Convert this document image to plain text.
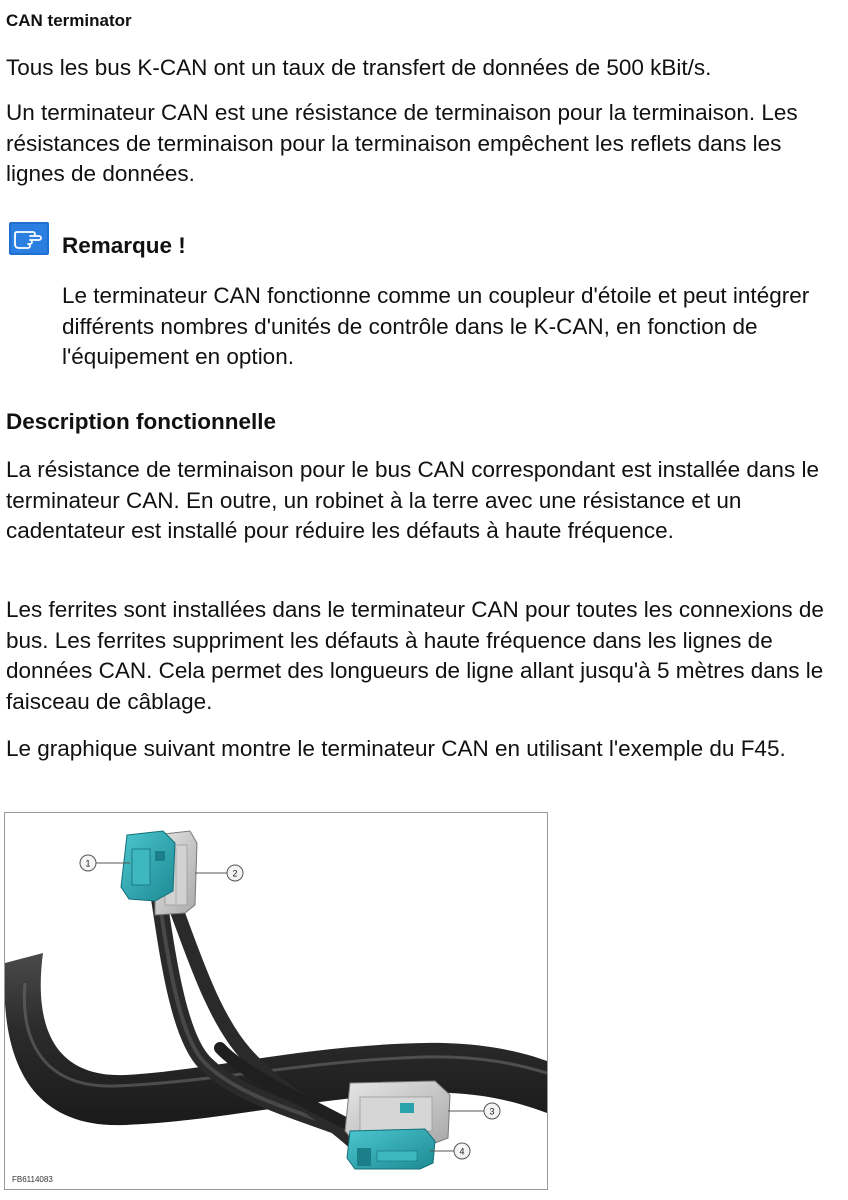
CAN terminator

Tous les bus K-CAN ont un taux de transfert de données de 500 kBit/s.

Un terminateur CAN est une résistance de terminaison pour la terminaison. Les résistances de terminaison pour la terminaison empêchent les reflets dans les lignes de données.

Remarque !

Le terminateur CAN fonctionne comme un coupleur d'étoile et peut intégrer différents nombres d'unités de contrôle dans le K-CAN, en fonction de l'équipement en option.

Description fonctionnelle

La résistance de terminaison pour le bus CAN correspondant est installée dans le terminateur CAN. En outre, un robinet à la terre avec une résistance et un cadentateur est installé pour réduire les défauts à haute fréquence.

Les ferrites sont installées dans le terminateur CAN pour toutes les connexions de bus. Les ferrites suppriment les défauts à haute fréquence dans les lignes de données CAN. Cela permet des longueurs de ligne allant jusqu'à 5 mètres dans le faisceau de câblage.

Le graphique suivant montre le terminateur CAN en utilisant l'exemple du F45.

1
2
3
4
FB6114083
